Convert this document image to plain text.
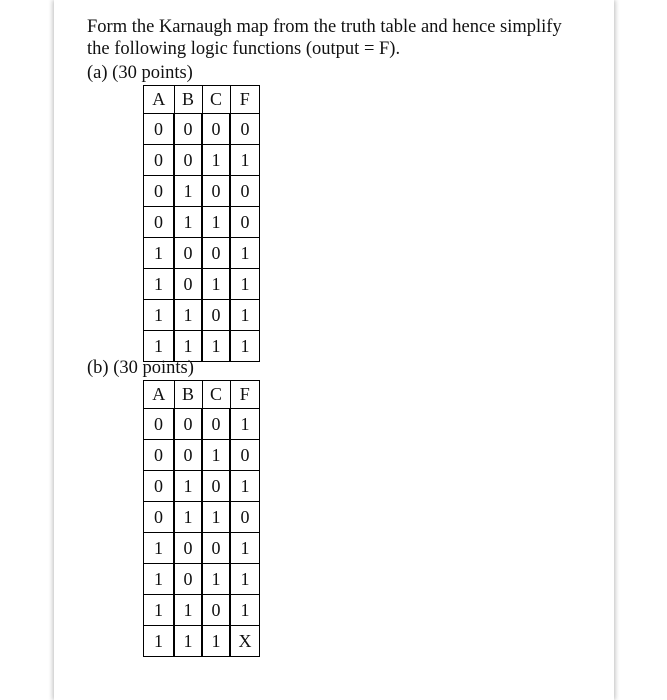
Form the Karnaugh map from the truth table and hence simplify
the following logic functions (output = F).
(a) (30 points)
A	B	C	F
0	0	0	0
0	0	1	1
0	1	0	0
0	1	1	0
1	0	0	1
1	0	1	1
1	1	0	1
1	1	1	1
(b) (30 points)
A	B	C	F
0	0	0	1
0	0	1	0
0	1	0	1
0	1	1	0
1	0	0	1
1	0	1	1
1	1	0	1
1	1	1	X
